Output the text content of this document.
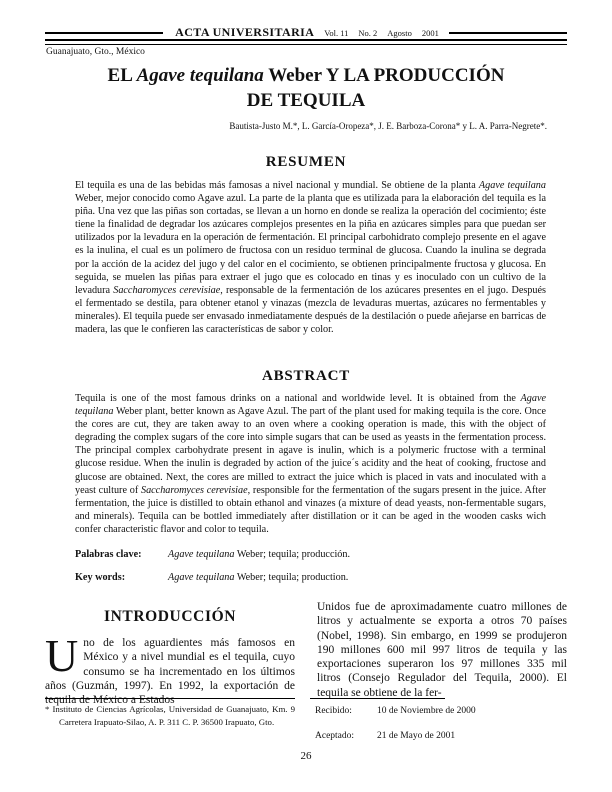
ACTA UNIVERSITARIA Vol. 11 No. 2 Agosto 2001
Guanajuato, Gto., México
EL Agave tequilana Weber Y LA PRODUCCIÓN
DE TEQUILA
Bautista-Justo M.*, L. García-Oropeza*, J. E. Barboza-Corona* y L. A. Parra-Negrete*.
RESUMEN
El tequila es una de las bebidas más famosas a nivel nacional y mundial. Se obtiene de la planta Agave tequilana Weber, mejor conocido como Agave azul. La parte de la planta que es utilizada para la elaboración del tequila es la piña. Una vez que las piñas son cortadas, se llevan a un horno en donde se realiza la operación del cocimiento; éste tiene la finalidad de degradar los azúcares complejos presentes en la piña en azúcares simples para que puedan ser utilizados por la levadura en la operación de fermentación. El principal carbohidrato complejo presente en el agave es la inulina, el cual es un polímero de fructosa con un residuo terminal de glucosa. Cuando la inulina se degrada por la acción de la acidez del jugo y del calor en el cocimiento, se obtienen principalmente fructosa y glucosa. En seguida, se muelen las piñas para extraer el jugo que es colocado en tinas y es inoculado con un cultivo de la levadura Saccharomyces cerevisiae, responsable de la fermentación de los azúcares presentes en el jugo. Después el fermentado se destila, para obtener etanol y vinazas (mezcla de levaduras muertas, azúcares no fermentables y minerales). El tequila puede ser envasado inmediatamente después de la destilación o puede añejarse en barricas de madera, las que le confieren las características de sabor y color.
ABSTRACT
Tequila is one of the most famous drinks on a national and worldwide level. It is obtained from the Agave tequilana Weber plant, better known as Agave Azul. The part of the plant used for making tequila is the core. Once the cores are cut, they are taken away to an oven where a cooking operation is made, this with the object of degrading the complex sugars of the core into simple sugars that can be used as yeasts in the fermentation process. The principal complex carbohydrate present in agave is inulin, which is a polymeric fructose with a terminal glucose residue. When the inulin is degraded by action of the juice´s acidity and the heat of cooking, fructose and glucose are obtained. Next, the cores are milled to extract the juice which is placed in vats and inoculated with a yeast culture of Saccharomyces cerevisiae, responsible for the fermentation of the sugars present in the juice. After fermentation, the juice is distilled to obtain ethanol and vinazes (a mixture of dead yeasts, non-fermentable sugars, and minerals). Tequila can be bottled immediately after distillation or it can be aged in the wooden casks wich confer characteristic flavor and color to tequila.
Palabras clave:	Agave tequilana Weber; tequila; producción.
Key words:	Agave tequilana Weber; tequila; production.
INTRODUCCIÓN

Uno de los aguardientes más famosos en México y a nivel mundial es el tequila, cuyo consumo se ha incrementado en los últimos años (Guzmán, 1997). En 1992, la exportación de tequila de México a Estados

Unidos fue de aproximadamente cuatro millones de litros y actualmente se exporta a otros 70 países (Nobel, 1998). Sin embargo, en 1999 se produjeron 190 millones 600 mil 997 litros de tequila y las exportaciones superaron los 97 millones 335 mil litros (Consejo Regulador del Tequila, 2000). El tequila se obtiene de la fer-

* Instituto de Ciencias Agrícolas, Universidad de Guanajuato, Km. 9 Carretera Irapuato-Silao, A. P. 311 C. P. 36500 Irapuato, Gto.
Recibido:	10 de Noviembre de 2000
Aceptado:	21 de Mayo de 2001
26
